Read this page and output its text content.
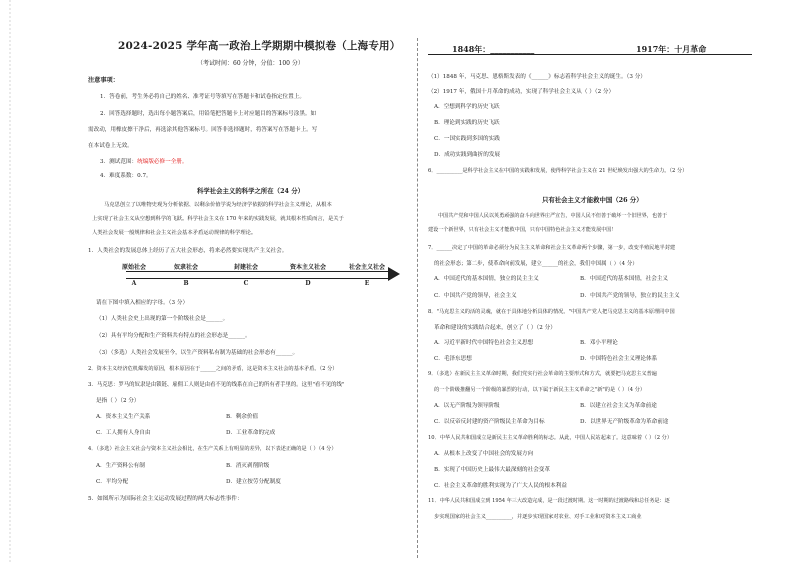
2024-2025 学年高一政治上学期期中模拟卷（上海专用）
（考试时间：60 分钟，分值：100 分）
注意事项：
1．答卷前，考生务必将自己的姓名、准考证号等填写在答题卡和试卷指定位置上。
2．回答选择题时，选出每小题答案后，用铅笔把答题卡上对应题目的答案标号涂黑。如
需改动，用橡皮擦干净后，再选涂其他答案标号。回答非选择题时，将答案写在答题卡上。写
在本试卷上无效。
3．测试范围：统编版必修一全册。
4．难度系数：0.7。
科学社会主义的科学之所在（24 分）
马克思创立了以唯物史观为分析依据、以剩余价值学说为经济学依据的科学社会主义理论，从根本
上实现了社会主义从空想到科学的飞跃。科学社会主义在 170 年来的实践发展，就其根本性质而言，是关于
人类社会发展一般规律和社会主义社会基本矛盾运动规律的科学理论。
1．人类社会的发展总体上经历了五大社会形态，将来必然要实现共产主义社会。
原始社会	奴隶社会	封建社会	资本主义社会	社会主义社会
A	B	C	D	E
请在下图中填入相应的字母。（3 分）
（1）人类社会史上出现的第一个阶级社会是______。
（2）具有平均分配和生产资料共有特点的社会形态是______。
（3）（多选）人类社会发展至今，以生产资料私有制为基础的社会形态有______。
2．资本主义经济危机爆发的原因，根本原因在于______之间的矛盾，这是资本主义社会的基本矛盾。（2 分）
3．马克思：罗马的奴隶是由锁链、雇佣工人则是由看不见的线系在自己的所有者手里的。这里"看不见的线"
是指（ ）（2 分）
A．资本主义生产关系	B．剩余价值
C．工人拥有人身自由	D．工业革命的完成
4．（多选）社会主义社会与资本主义社会相比，在生产关系上有明显的差异，以下表述正确的是（ ）（4 分）
A．生产资料公有制	B．消灭剥削阶级
C．平均分配	D．建立按劳分配制度
5．如图所示为国际社会主义运动发展过程的两大标志性事件：
1848年：___________	1917年：十月革命
（1）1848 年，马克思、恩格斯发表的《______》标志着科学社会主义的诞生。（3 分）
（2）1917 年，俄国十月革命的成功，实现了科学社会主义从（ ）（2 分）
A．空想到科学的历史飞跃
B．理论到实践的历史飞跃
C．一国实践到多国的实践
D．成功实践到曲折的发展
6．__________是科学社会主义在中国的实践和发展，使得科学社会主义在 21 世纪焕发出强大的生命力。（2 分）
只有社会主义才能救中国（26 分）
中国共产党和中国人民以英勇顽强的奋斗向世界庄严宣告，中国人民不但善于破坏一个旧世界，也善于
建设一个新世界，只有社会主义才能救中国，只有中国特色社会主义才能发展中国！
7．______决定了中国的革命必须分为民主主义革命和社会主义革命两个步骤，第一步，改变半殖民地半封建
的社会形态；第二步，使革命向前发展，建立______的社会，我们中国属（ ）（4 分）
A．中国近代的基本国情，独立的民主主义	B．中国近代的基本国情，社会主义
C．中国共产党的领导，社会主义	D．中国共产党的领导，独立的民主主义
8．"马克思主义的活的灵魂，就在于具体地分析具体的情况。"中国共产党人把马克思主义的基本原理同中国
革命和建设的实践结合起来，创立了（ ）（2 分）
A．习近平新时代中国特色社会主义思想	B．邓小平理论
C．毛泽东思想	D．中国特色社会主义理论体系
9．（多选）在新民主主义革命时期，我们党实行社会革命的主要形式和方式，就要把马克思主义普遍
的一个阶级推翻另一个阶级的暴烈的行动，以下属于新民主主义革命之"新"的是（ ）（4 分）
A．以无产阶级为领导阶级	B．以建立社会主义为革命前途
C．以反帝反封建的资产阶级民主革命为目标	D．以世界无产阶级革命为革命前途
10．中华人民共和国成立是新民主主义革命胜利的标志。从此，中国人民站起来了。这意味着（ ）（2 分）
A．从根本上改变了中国社会的发展方向
B．实现了中国历史上最伟大最深刻的社会变革
C．社会主义革命的胜利实现为了广大人民的根本利益
11．中华人民共和国成立到 1954 年三大改造完成，是一段过渡时期。这一时期的过渡路线和总任务是：逐
步实现国家的社会主义__________，并逐步实现国家对农业、对手工业和对资本主义工商业
